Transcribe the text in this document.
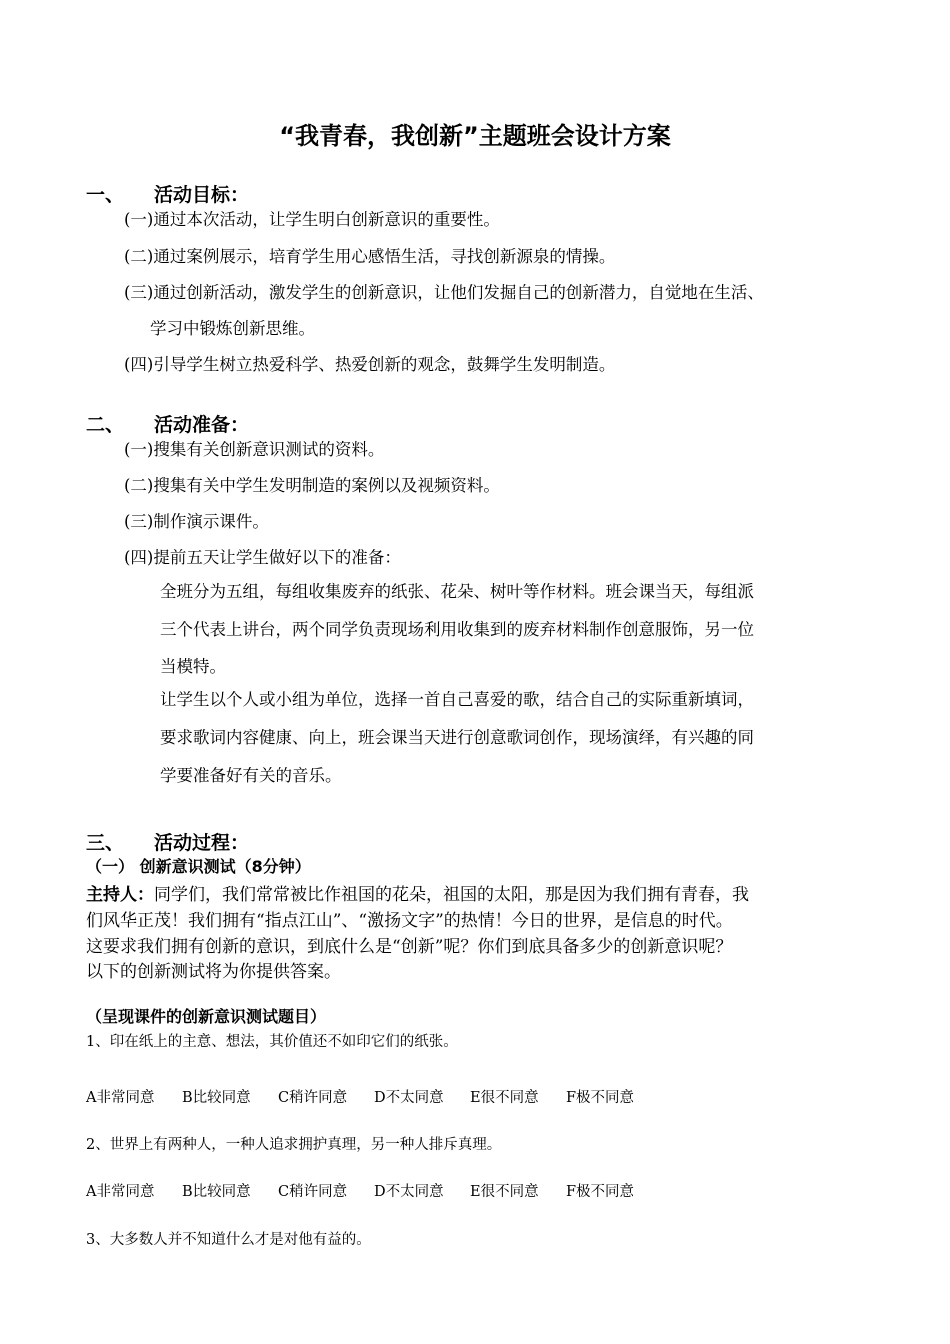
“我青春，我创新”主题班会设计方案
一、 活动目标：
(一)通过本次活动，让学生明白创新意识的重要性。
(二)通过案例展示，培育学生用心感悟生活，寻找创新源泉的情操。
(三)通过创新活动，激发学生的创新意识，让他们发掘自己的创新潜力，自觉地在生活、
学习中锻炼创新思维。
(四)引导学生树立热爱科学、热爱创新的观念，鼓舞学生发明制造。
二、 活动准备：
(一)搜集有关创新意识测试的资料。
(二)搜集有关中学生发明制造的案例以及视频资料。
(三)制作演示课件。
(四)提前五天让学生做好以下的准备：
全班分为五组，每组收集废弃的纸张、花朵、树叶等作材料。班会课当天，每组派
三个代表上讲台，两个同学负责现场利用收集到的废弃材料制作创意服饰，另一位
当模特。
让学生以个人或小组为单位，选择一首自己喜爱的歌，结合自己的实际重新填词，
要求歌词内容健康、向上，班会课当天进行创意歌词创作，现场演绎，有兴趣的同
学要准备好有关的音乐。
三、 活动过程：
（一） 创新意识测试（8分钟）
主持人：同学们，我们常常被比作祖国的花朵，祖国的太阳，那是因为我们拥有青春，我
们风华正茂！我们拥有“指点江山”、“激扬文字”的热情！今日的世界，是信息的时代。
这要求我们拥有创新的意识，到底什么是“创新”呢？你们到底具备多少的创新意识呢？
以下的创新测试将为你提供答案。
（呈现课件的创新意识测试题目）
1、印在纸上的主意、想法，其价值还不如印它们的纸张。
A非常同意 B比较同意 C稍许同意 D不太同意 E很不同意 F极不同意
2、世界上有两种人，一种人追求拥护真理，另一种人排斥真理。
A非常同意 B比较同意 C稍许同意 D不太同意 E很不同意 F极不同意
3、大多数人并不知道什么才是对他有益的。
